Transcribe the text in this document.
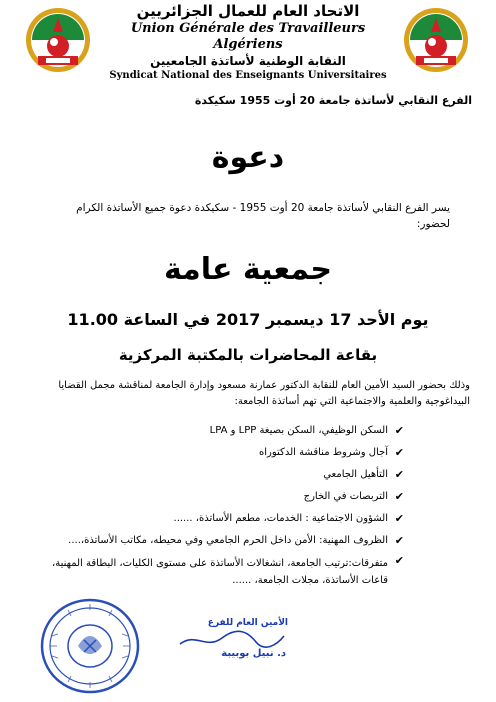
الاتحاد العام للعمال الجزائريين
Union Générale des Travailleurs Algériens
النقابة الوطنية لأساتذة الجامعيين
Syndicat National des Enseignants Universitaires
الفرع النقابي لأساتذة جامعة 20 أوت 1955 سكيكدة
دعوة
يسر الفرع النقابي لأساتذة جامعة 20 أوت 1955 - سكيكدة دعوة جميع الأساتذة الكرام لحضور:
جمعية عامة
يوم الأحد 17 ديسمبر 2017 في الساعة 11.00
بقاعة المحاضرات بالمكتبة المركزية
وذلك بحضور السيد الأمين العام للنقابة الدكتور عمارنة مسعود وإدارة الجامعة لمناقشة مجمل القضايا البيداغوجية والعلمية والاجتماعية التي تهم أساتذة الجامعة:
✔
السكن الوظيفي، السكن بصيغة LPP و LPA
✔
آجال وشروط مناقشة الدكتوراه
✔
التأهيل الجامعي
✔
التربصات في الخارج
✔
الشؤون الاجتماعية : الخدمات، مطعم الأساتذة، ......
✔
الظروف المهنية: الأمن داخل الحرم الجامعي وفي محيطه، مكاتب الأساتذة،....
✔
متفرقات:ترتيب الجامعة، انشغالات الأساتذة على مستوى الكليات، البطاقة المهنية، قاعات الأساتذة، مجلات الجامعة، ......
الأمين العام للفرع
د. نبيل بوبيبة
